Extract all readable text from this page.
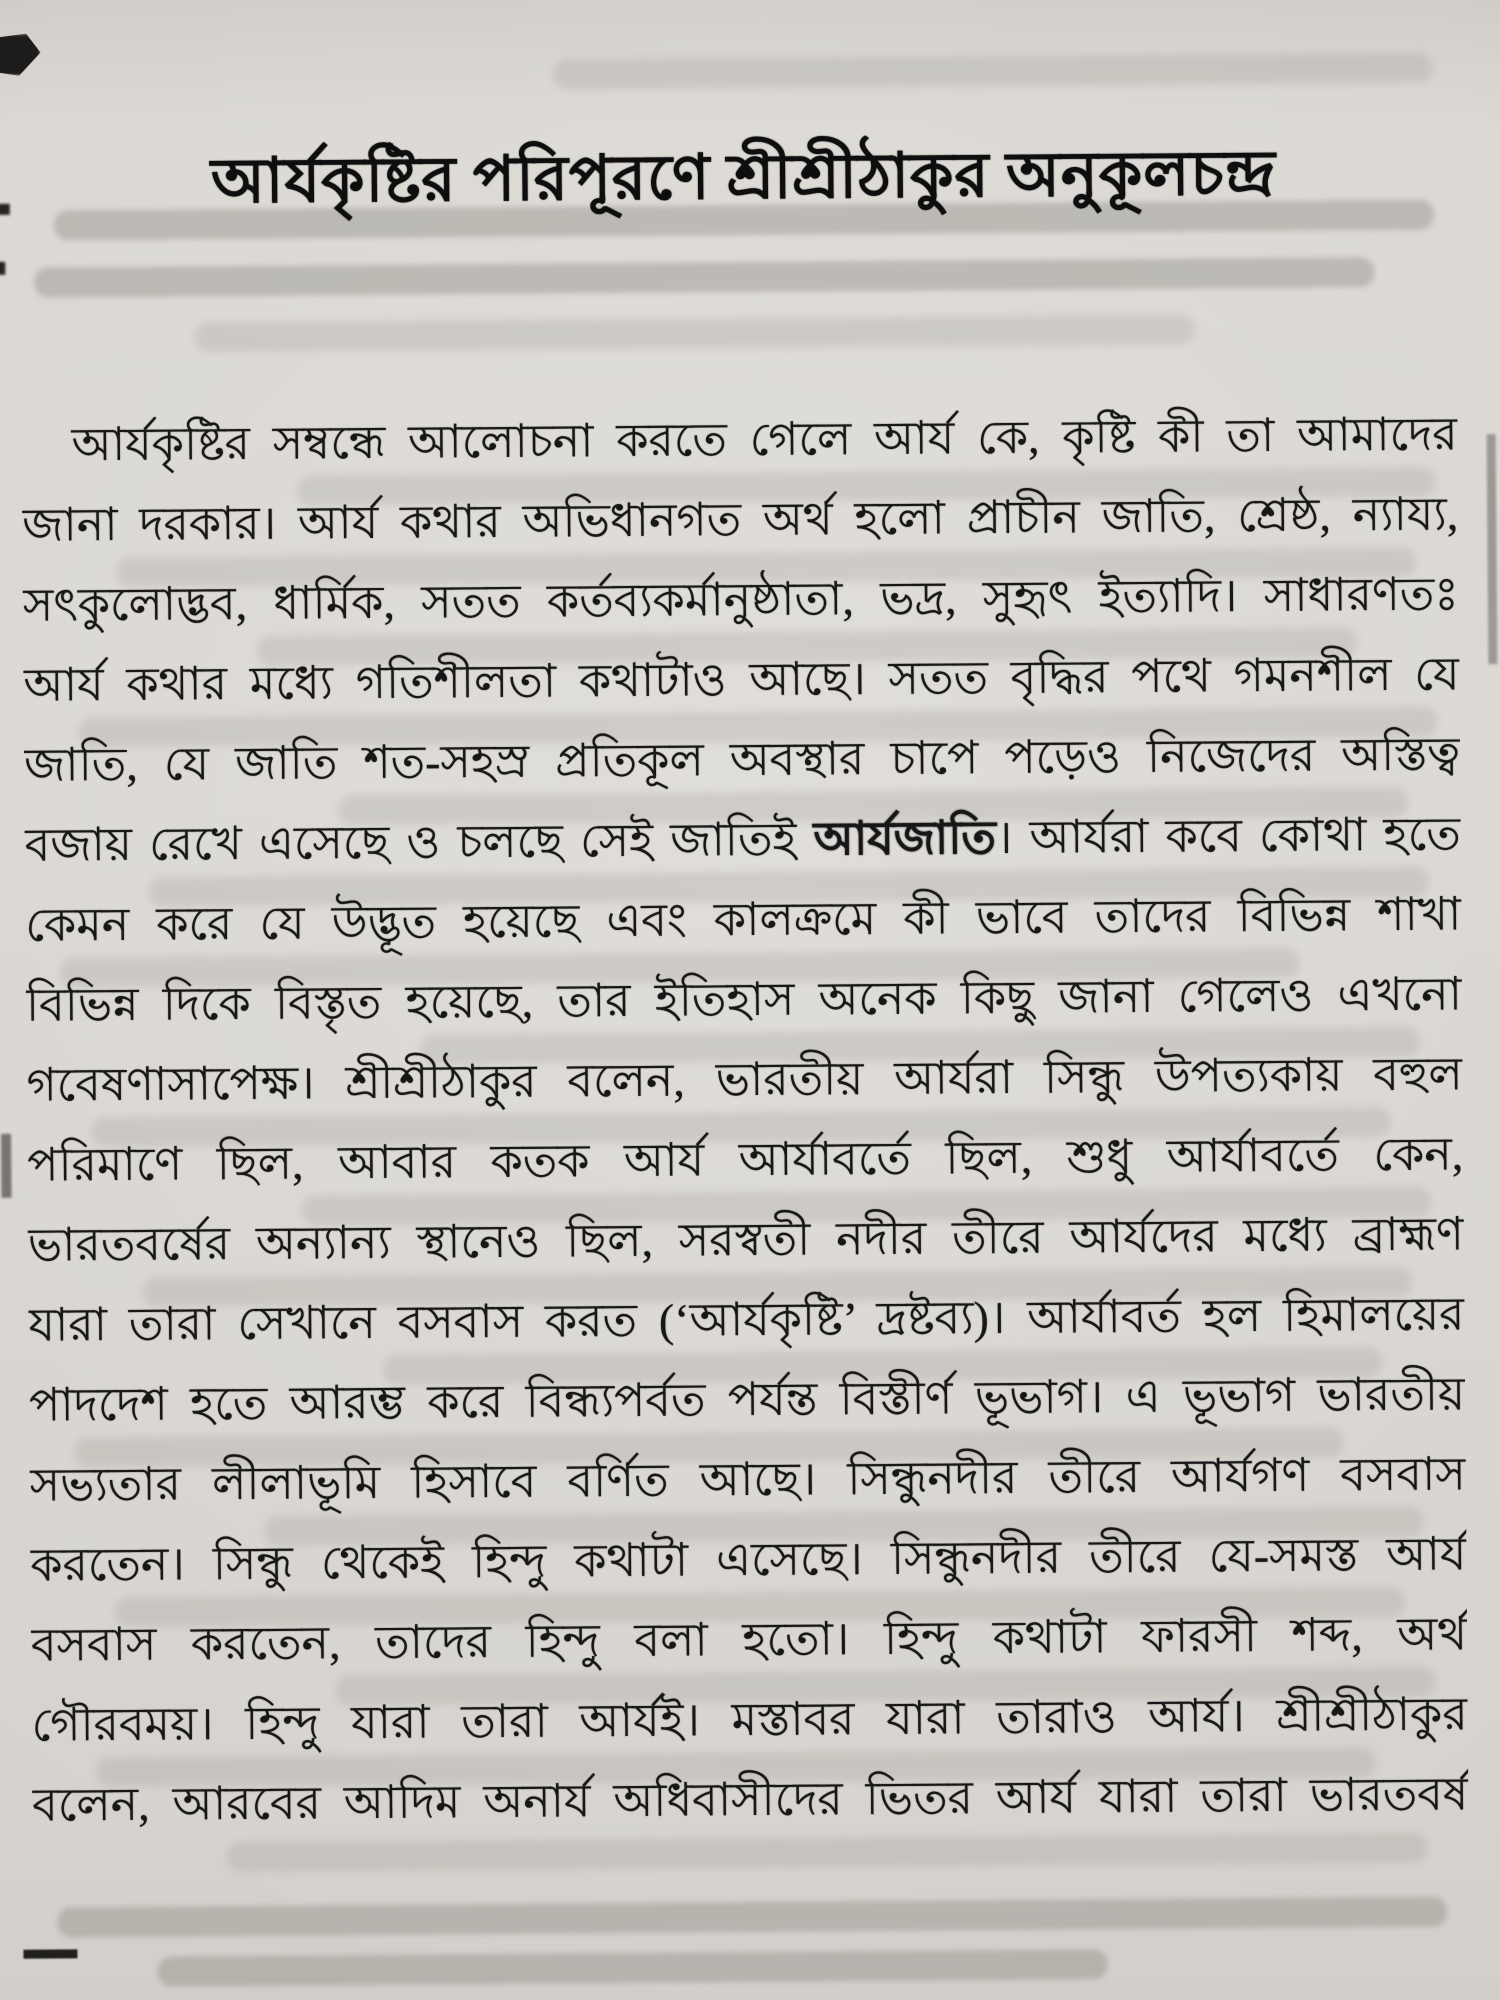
আর্যকৃষ্টির পরিপূরণে শ্রীশ্রীঠাকুর অনুকূলচন্দ্র
আর্যকৃষ্টির সম্বন্ধে আলোচনা করতে গেলে আর্য কে, কৃষ্টি কী তা আমাদের
জানা দরকার। আর্য কথার অভিধানগত অর্থ হলো প্রাচীন জাতি, শ্রেষ্ঠ, ন্যায্য,
সৎকুলোদ্ভব, ধার্মিক, সতত কর্তব্যকর্মানুষ্ঠাতা, ভদ্র, সুহৃৎ ইত্যাদি। সাধারণতঃ
আর্য কথার মধ্যে গতিশীলতা কথাটাও আছে। সতত বৃদ্ধির পথে গমনশীল যে
জাতি, যে জাতি শত-সহস্র প্রতিকূল অবস্থার চাপে পড়েও নিজেদের অস্তিত্ব
বজায় রেখে এসেছে ও চলছে সেই জাতিই আর্যজাতি। আর্যরা কবে কোথা হতে
কেমন করে যে উদ্ভূত হয়েছে এবং কালক্রমে কী ভাবে তাদের বিভিন্ন শাখা
বিভিন্ন দিকে বিস্তৃত হয়েছে, তার ইতিহাস অনেক কিছু জানা গেলেও এখনো
গবেষণাসাপেক্ষ। শ্রীশ্রীঠাকুর বলেন, ভারতীয় আর্যরা সিন্ধু উপত্যকায় বহুল
পরিমাণে ছিল, আবার কতক আর্য আর্যাবর্তে ছিল, শুধু আর্যাবর্তে কেন,
ভারতবর্ষের অন্যান্য স্থানেও ছিল, সরস্বতী নদীর তীরে আর্যদের মধ্যে ব্রাহ্মণ
যারা তারা সেখানে বসবাস করত (‘আর্যকৃষ্টি’ দ্রষ্টব্য)। আর্যাবর্ত হল হিমালয়ের
পাদদেশ হতে আরম্ভ করে বিন্ধ্যপর্বত পর্যন্ত বিস্তীর্ণ ভূভাগ। এ ভূভাগ ভারতীয়
সভ্যতার লীলাভূমি হিসাবে বর্ণিত আছে। সিন্ধুনদীর তীরে আর্যগণ বসবাস
করতেন। সিন্ধু থেকেই হিন্দু কথাটা এসেছে। সিন্ধুনদীর তীরে যে-সমস্ত আর্য
বসবাস করতেন, তাদের হিন্দু বলা হতো। হিন্দু কথাটা ফারসী শব্দ, অর্থ
গৌরবময়। হিন্দু যারা তারা আর্যই। মস্তাবর যারা তারাও আর্য। শ্রীশ্রীঠাকুর
বলেন, আরবের আদিম অনার্য অধিবাসীদের ভিতর আর্য যারা তারা ভারতবর্ষ
